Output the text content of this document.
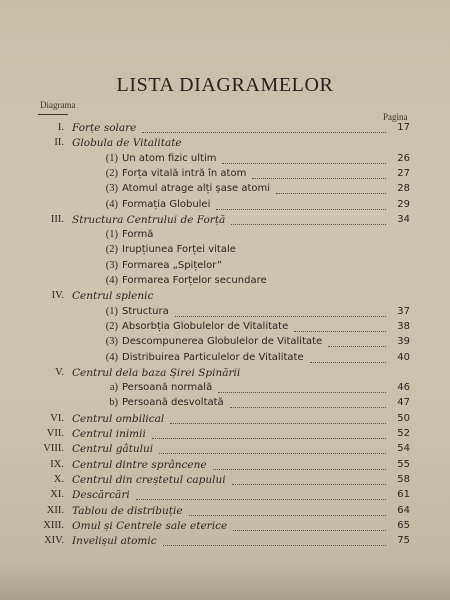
LISTA DIAGRAMELOR
Diagrama
Pagina
I. Forțe solare	17
II. Globula de Vitalitate
(1) Un atom fizic ultim	26
(2) Forța vitală intră în atom	27
(3) Atomul atrage alți șase atomi	28
(4) Formația Globulei	29
III. Structura Centrului de Forță	34
(1) Formă
(2) Irupțiunea Forței vitale
(3) Formarea „Spițelor”
(4) Formarea Forțelor secundare
IV. Centrul splenic
(1) Structura	37
(2) Absorbția Globulelor de Vitalitate	38
(3) Descompunerea Globulelor de Vitalitate	39
(4) Distribuirea Particulelor de Vitalitate	40
V. Centrul dela baza Șirei Spinării
a) Persoană normală	46
b) Persoană desvoltată	47
VI. Centrul ombilical	50
VII. Centrul inimii	52
VIII. Centrul gâtului	54
IX. Centrul dintre sprâncene	55
X. Centrul din creștetul capului	58
XI. Descărcări	61
XII. Tablou de distribuție	64
XIII. Omul și Centrele sale eterice	65
XIV. Invelișul atomic	75
